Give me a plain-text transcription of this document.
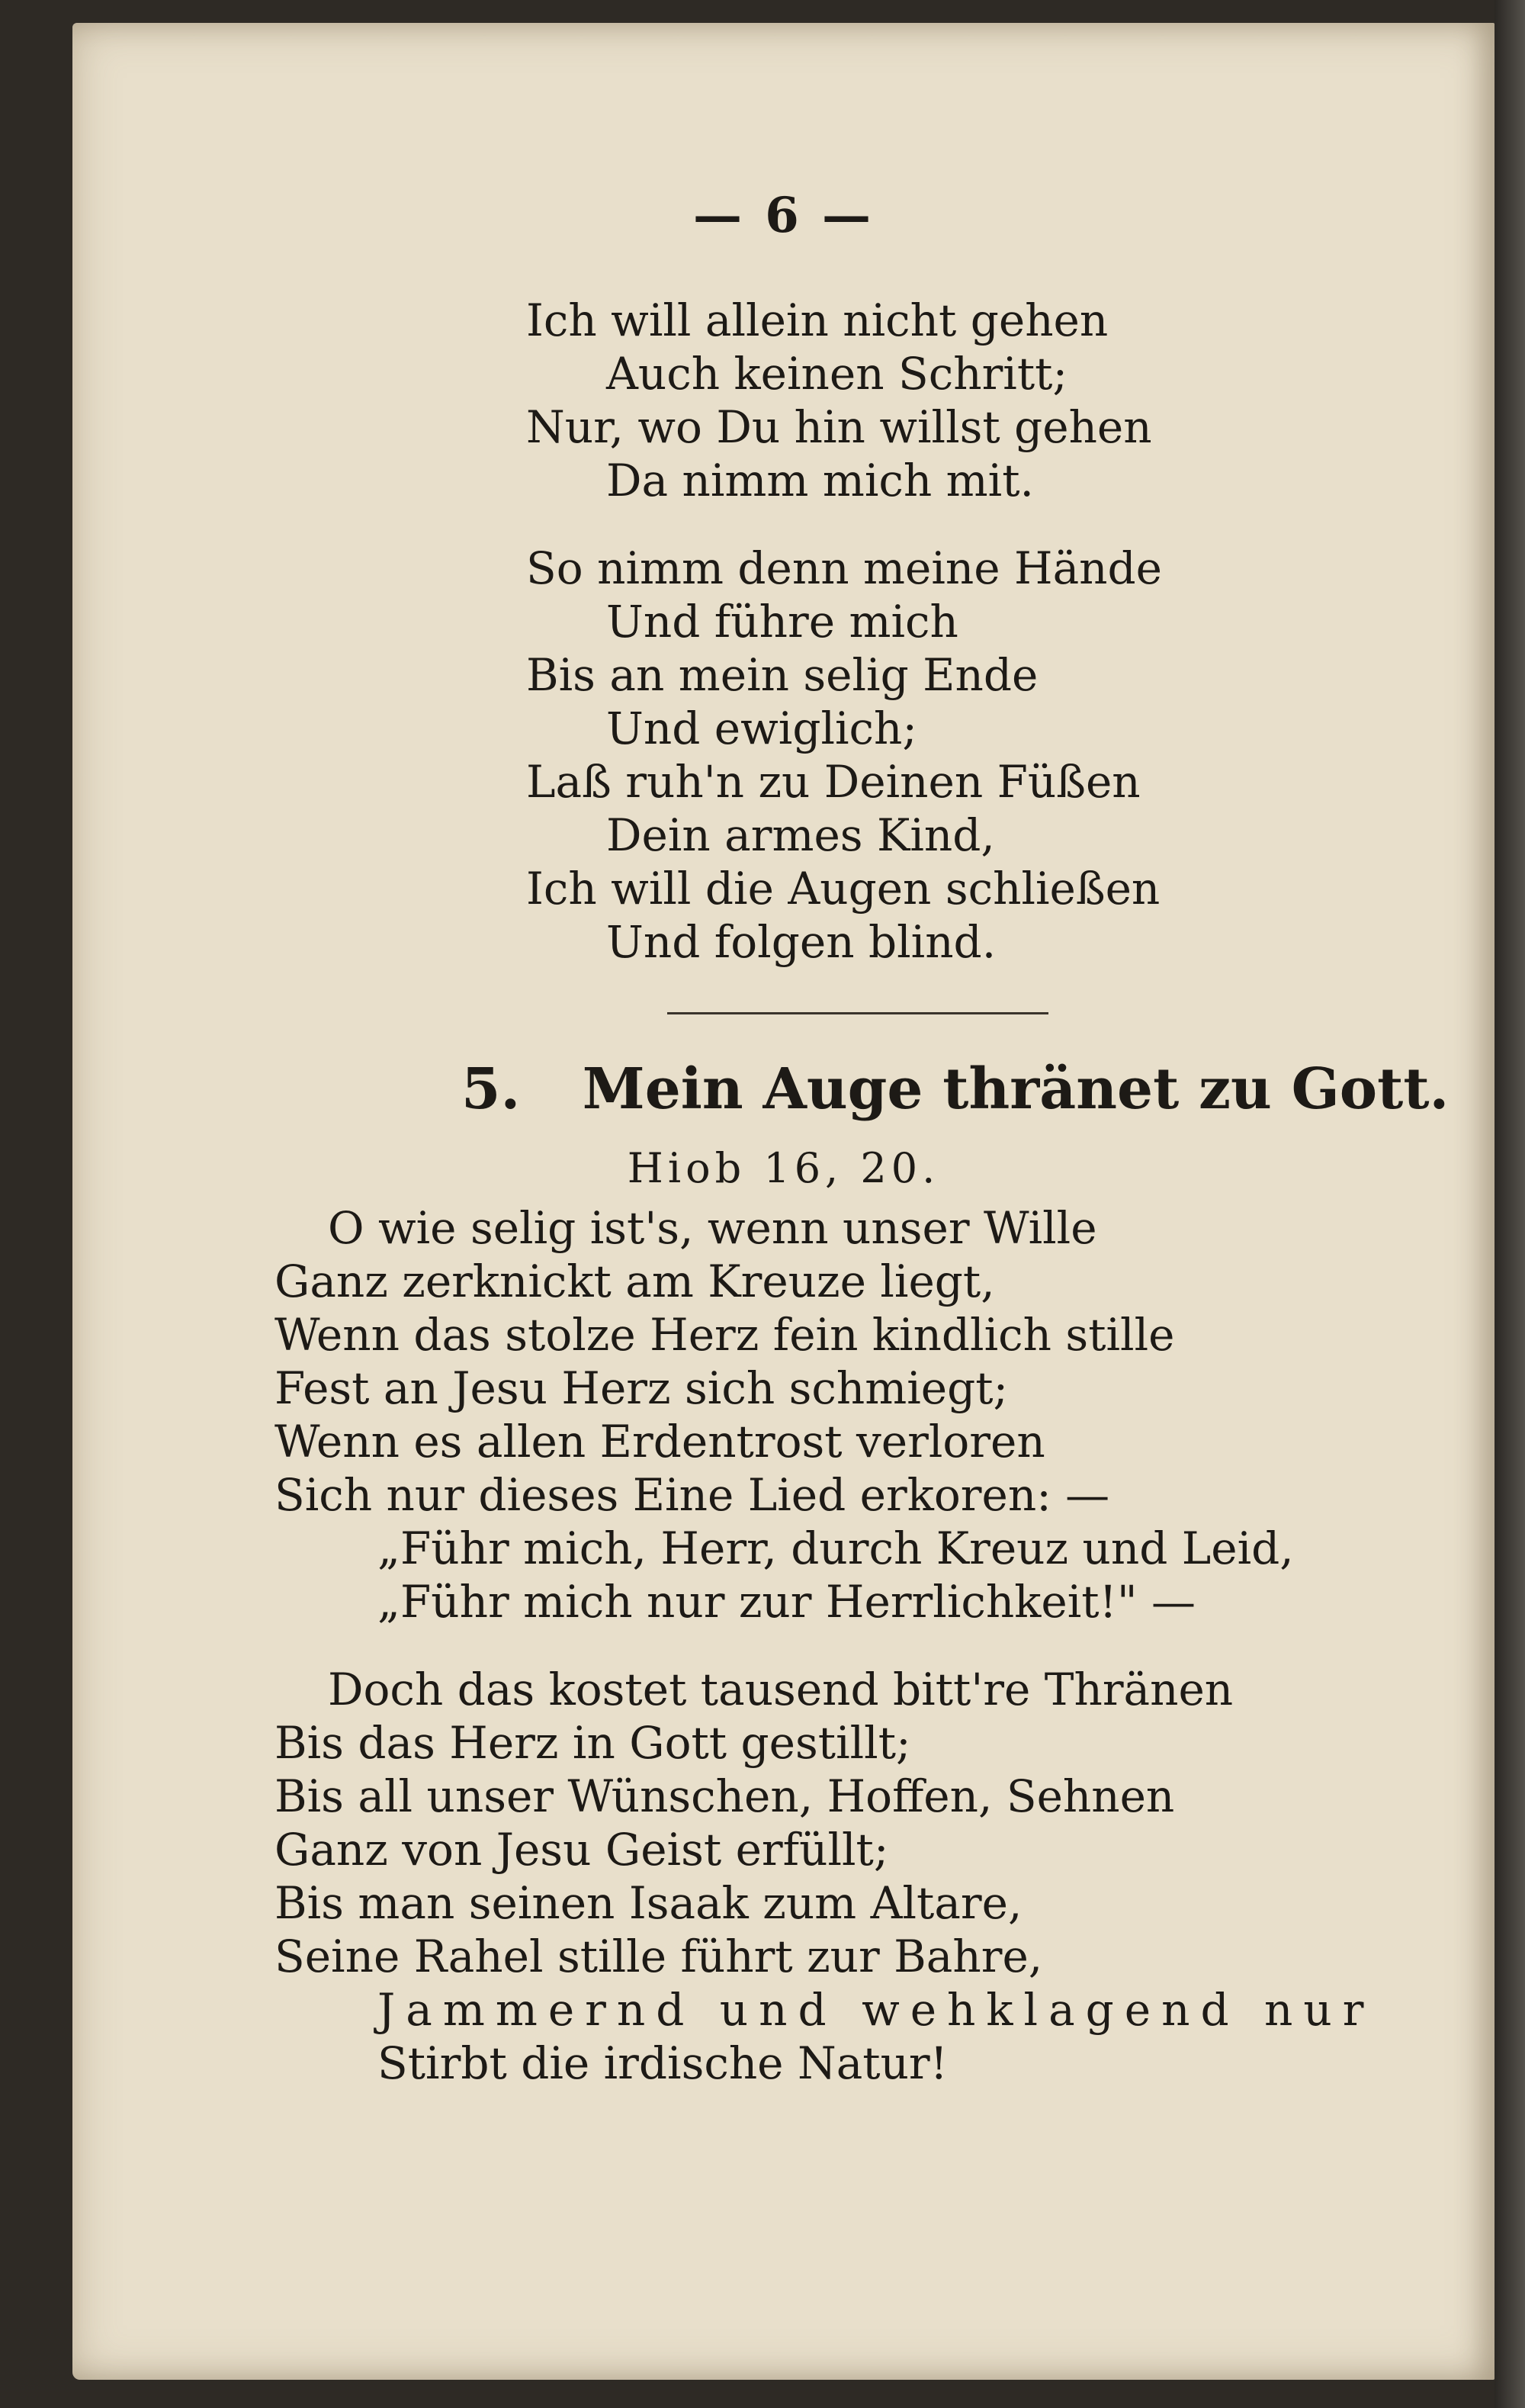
— 6 —
Ich will allein nicht gehen
Auch keinen Schritt;
Nur, wo Du hin willst gehen
Da nimm mich mit.
So nimm denn meine Hände
Und führe mich
Bis an mein selig Ende
Und ewiglich;
Laß ruh'n zu Deinen Füßen
Dein armes Kind,
Ich will die Augen schließen
Und folgen blind.
5. Mein Auge thränet zu Gott.
Hiob 16, 20.
O wie selig ist's, wenn unser Wille
Ganz zerknickt am Kreuze liegt,
Wenn das stolze Herz fein kindlich stille
Fest an Jesu Herz sich schmiegt;
Wenn es allen Erdentrost verloren
Sich nur dieses Eine Lied erkoren: —
„Führ mich, Herr, durch Kreuz und Leid,
„Führ mich nur zur Herrlichkeit!" —
Doch das kostet tausend bitt're Thränen
Bis das Herz in Gott gestillt;
Bis all unser Wünschen, Hoffen, Sehnen
Ganz von Jesu Geist erfüllt;
Bis man seinen Isaak zum Altare,
Seine Rahel stille führt zur Bahre,
Jammernd und wehklagend nur
Stirbt die irdische Natur!
